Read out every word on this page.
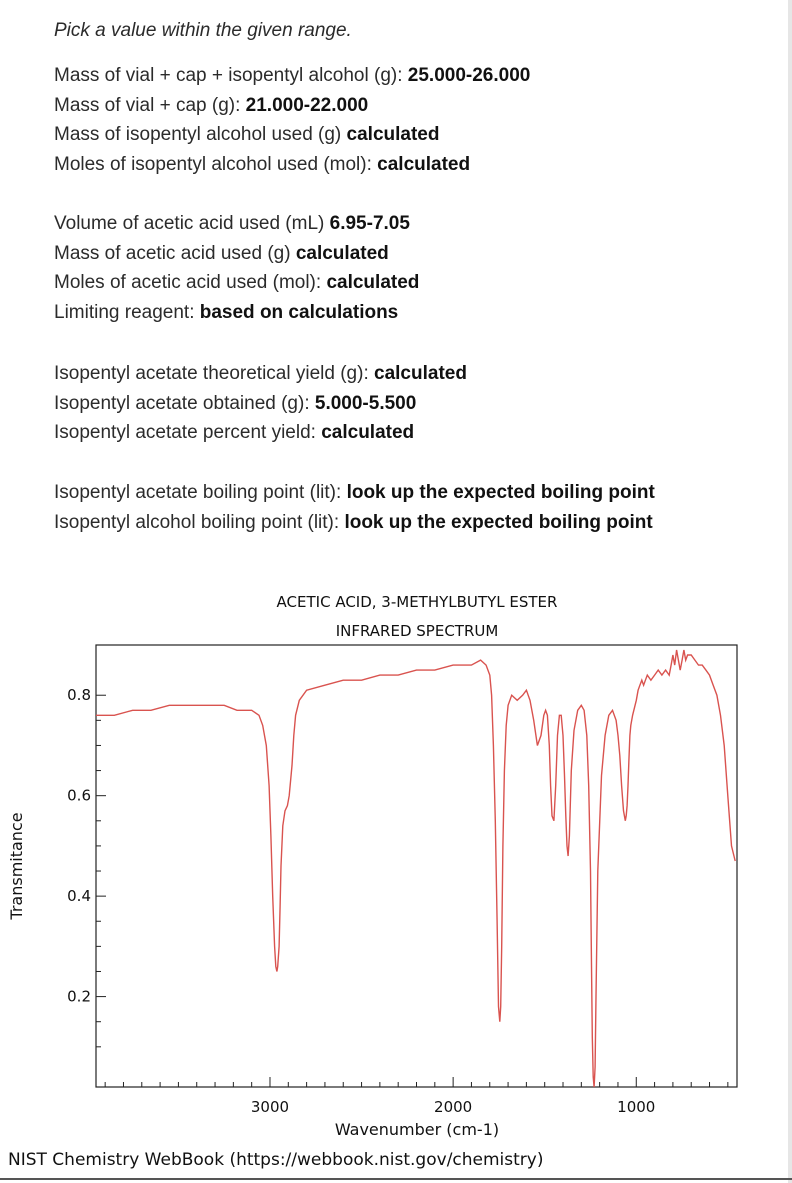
Pick a value within the given range.
Mass of vial + cap + isopentyl alcohol (g): 25.000-26.000
Mass of vial + cap (g): 21.000-22.000
Mass of isopentyl alcohol used (g) calculated
Moles of isopentyl alcohol used (mol): calculated
Volume of acetic acid used (mL) 6.95-7.05
Mass of acetic acid used (g) calculated
Moles of acetic acid used (mol): calculated
Limiting reagent: based on calculations
Isopentyl acetate theoretical yield (g): calculated
Isopentyl acetate obtained (g): 5.000-5.500
Isopentyl acetate percent yield: calculated
Isopentyl acetate boiling point (lit): look up the expected boiling point
Isopentyl alcohol boiling point (lit): look up the expected boiling point
ACETIC ACID, 3-METHYLBUTYL ESTER
INFRARED SPECTRUM
3000	2000	1000
0.2
0.4
0.6
0.8
Wavenumber (cm-1)
Transmitance
NIST Chemistry WebBook (https://webbook.nist.gov/chemistry)
